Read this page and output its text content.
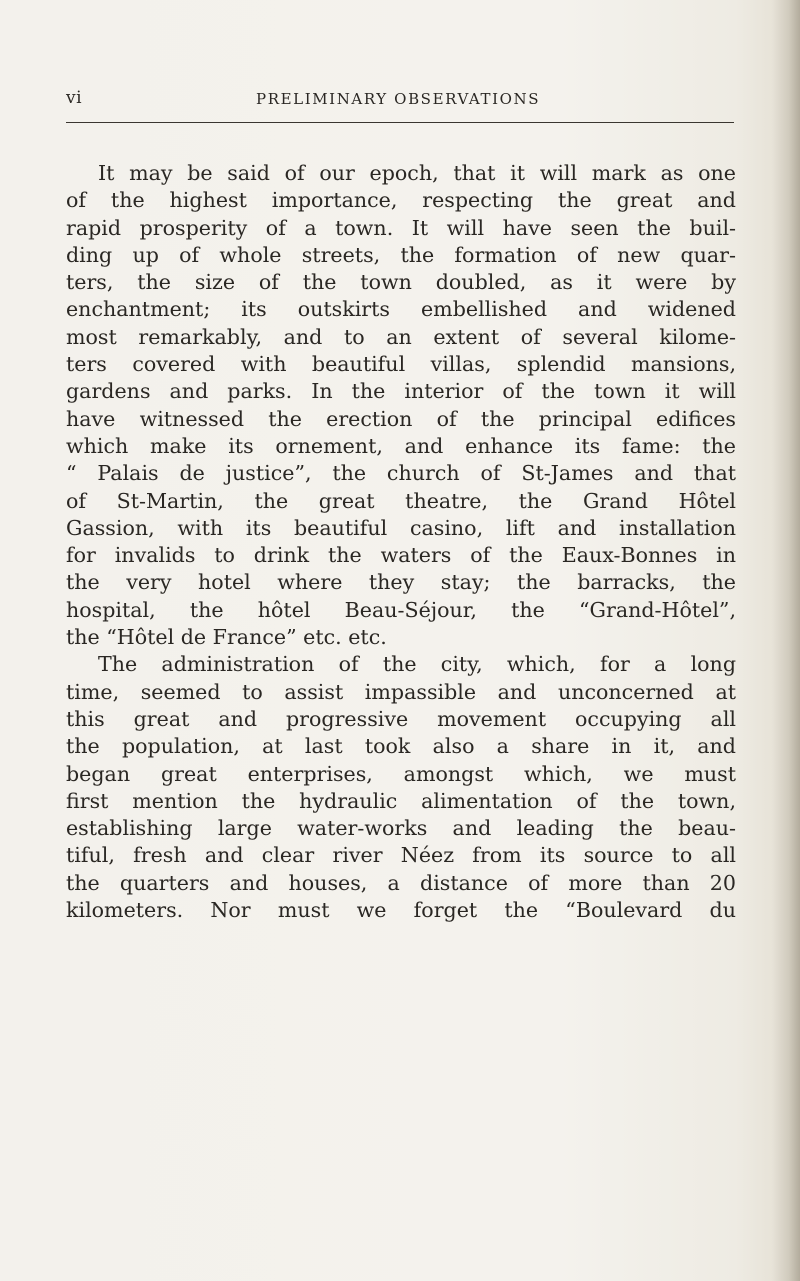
vi	PRELIMINARY OBSERVATIONS
It may be said of our epoch, that it will mark as one
of the highest importance, respecting the great and
rapid prosperity of a town. It will have seen the buil-
ding up of whole streets, the formation of new quar-
ters, the size of the town doubled, as it were by
enchantment; its outskirts embellished and widened
most remarkably, and to an extent of several kilome-
ters covered with beautiful villas, splendid mansions,
gardens and parks. In the interior of the town it will
have witnessed the erection of the principal edifices
which make its ornement, and enhance its fame: the
“ Palais de justice”, the church of St-James and that
of St-Martin, the great theatre, the Grand Hôtel
Gassion, with its beautiful casino, lift and installation
for invalids to drink the waters of the Eaux-Bonnes in
the very hotel where they stay; the barracks, the
hospital, the hôtel Beau-Séjour, the “Grand-Hôtel”,
the “Hôtel de France” etc. etc.
The administration of the city, which, for a long
time, seemed to assist impassible and unconcerned at
this great and progressive movement occupying all
the population, at last took also a share in it, and
began great enterprises, amongst which, we must
first mention the hydraulic alimentation of the town,
establishing large water-works and leading the beau-
tiful, fresh and clear river Néez from its source to all
the quarters and houses, a distance of more than 20
kilometers. Nor must we forget the “Boulevard du
